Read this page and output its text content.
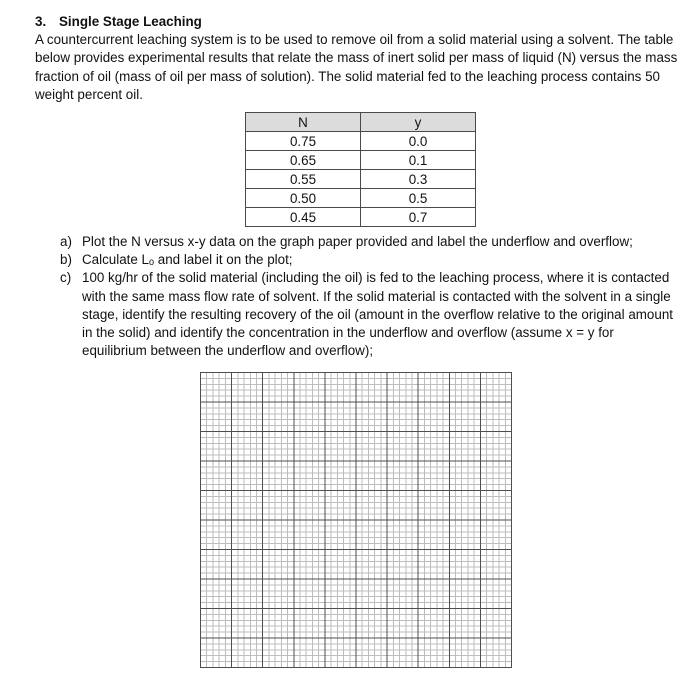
3. Single Stage Leaching

A countercurrent leaching system is to be used to remove oil from a solid material using a solvent. The table below provides experimental results that relate the mass of inert solid per mass of liquid (N) versus the mass fraction of oil (mass of oil per mass of solution). The solid material fed to the leaching process contains 50 weight percent oil.

N	y
0.75	0.0
0.65	0.1
0.55	0.3
0.50	0.5
0.45	0.7
a) Plot the N versus x-y data on the graph paper provided and label the underflow and overflow;
b) Calculate Lₒ and label it on the plot;
c) 100 kg/hr of the solid material (including the oil) is fed to the leaching process, where it is contacted with the same mass flow rate of solvent. If the solid material is contacted with the solvent in a single stage, identify the resulting recovery of the oil (amount in the overflow relative to the original amount in the solid) and identify the concentration in the underflow and overflow (assume x = y for equilibrium between the underflow and overflow);
